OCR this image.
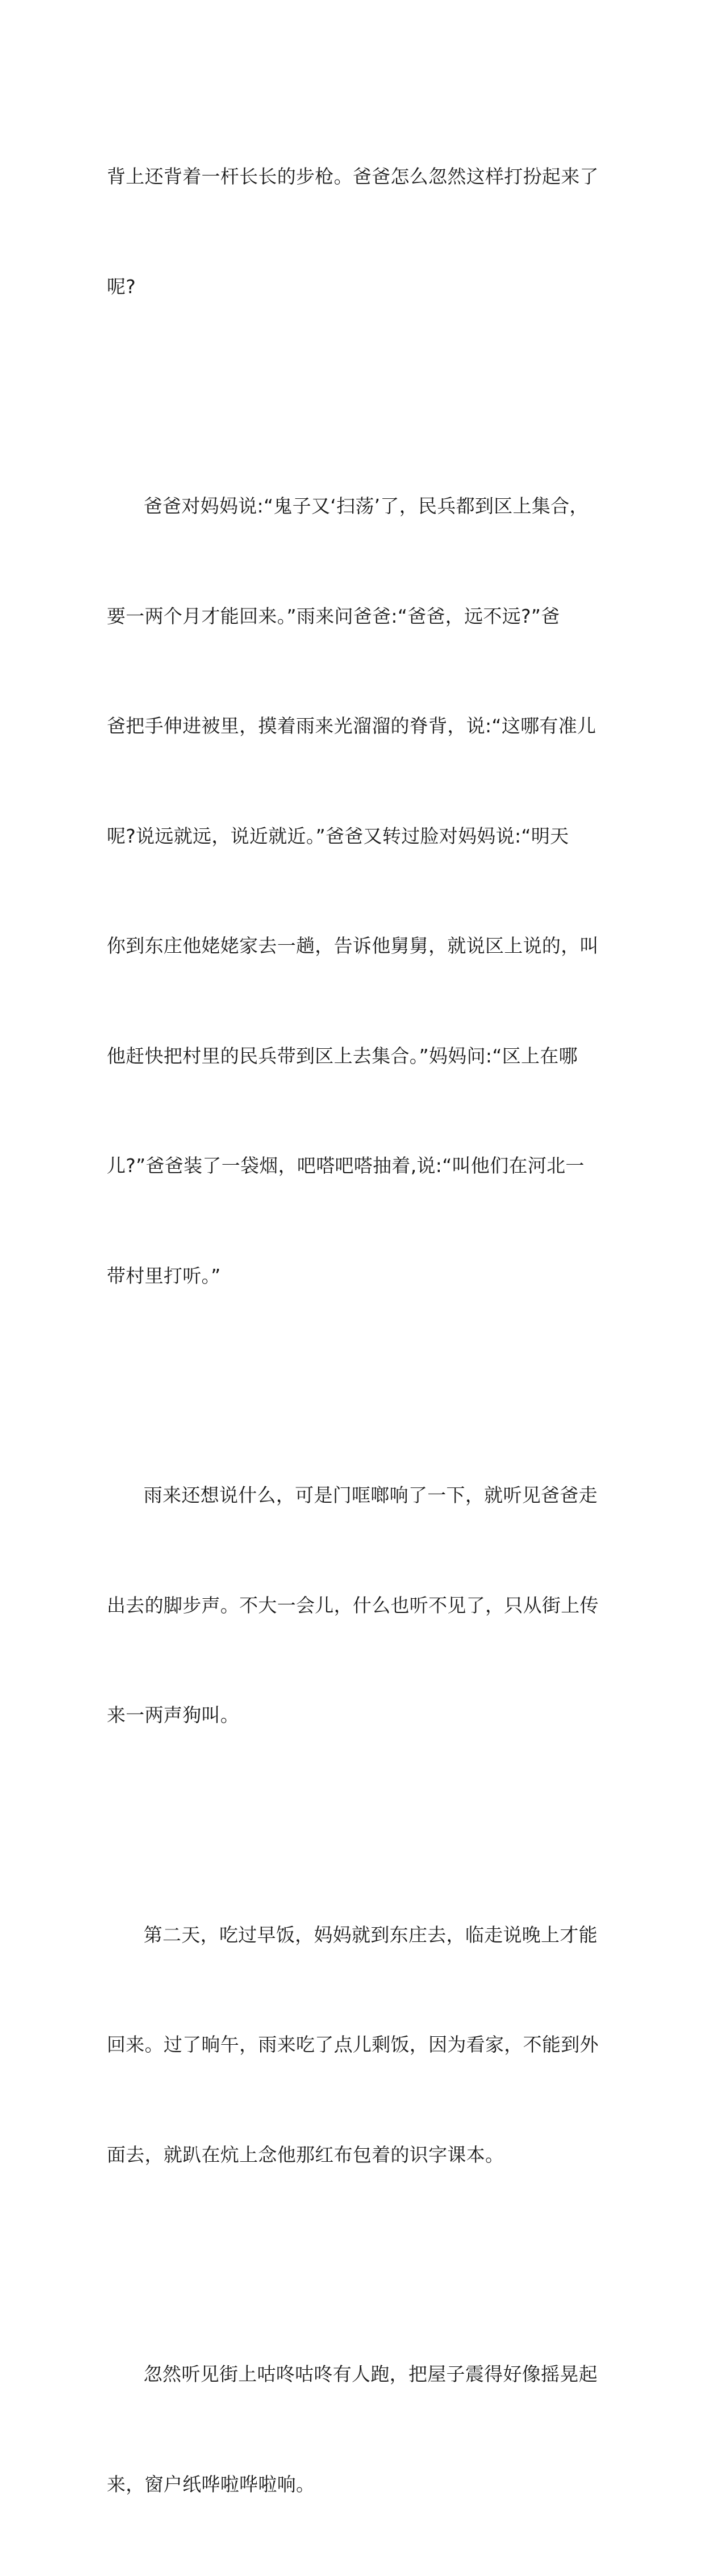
背上还背着一杆长长的步枪。爸爸怎么忽然这样打扮起来了

呢?

爸爸对妈妈说:“鬼子又‘扫荡’了，民兵都到区上集合，

要一两个月才能回来。”雨来问爸爸:“爸爸，远不远?”爸

爸把手伸进被里，摸着雨来光溜溜的脊背，说:“这哪有准儿

呢?说远就远，说近就近。”爸爸又转过脸对妈妈说:“明天

你到东庄他姥姥家去一趟，告诉他舅舅，就说区上说的，叫

他赶快把村里的民兵带到区上去集合。”妈妈问:“区上在哪

儿?”爸爸装了一袋烟，吧嗒吧嗒抽着,说:“叫他们在河北一

带村里打听。”

雨来还想说什么，可是门哐啷响了一下，就听见爸爸走

出去的脚步声。不大一会儿，什么也听不见了，只从街上传

来一两声狗叫。

第二天，吃过早饭，妈妈就到东庄去，临走说晚上才能

回来。过了晌午，雨来吃了点儿剩饭，因为看家，不能到外

面去，就趴在炕上念他那红布包着的识字课本。

忽然听见街上咕咚咕咚有人跑，把屋子震得好像摇晃起

来，窗户纸哗啦哗啦响。
